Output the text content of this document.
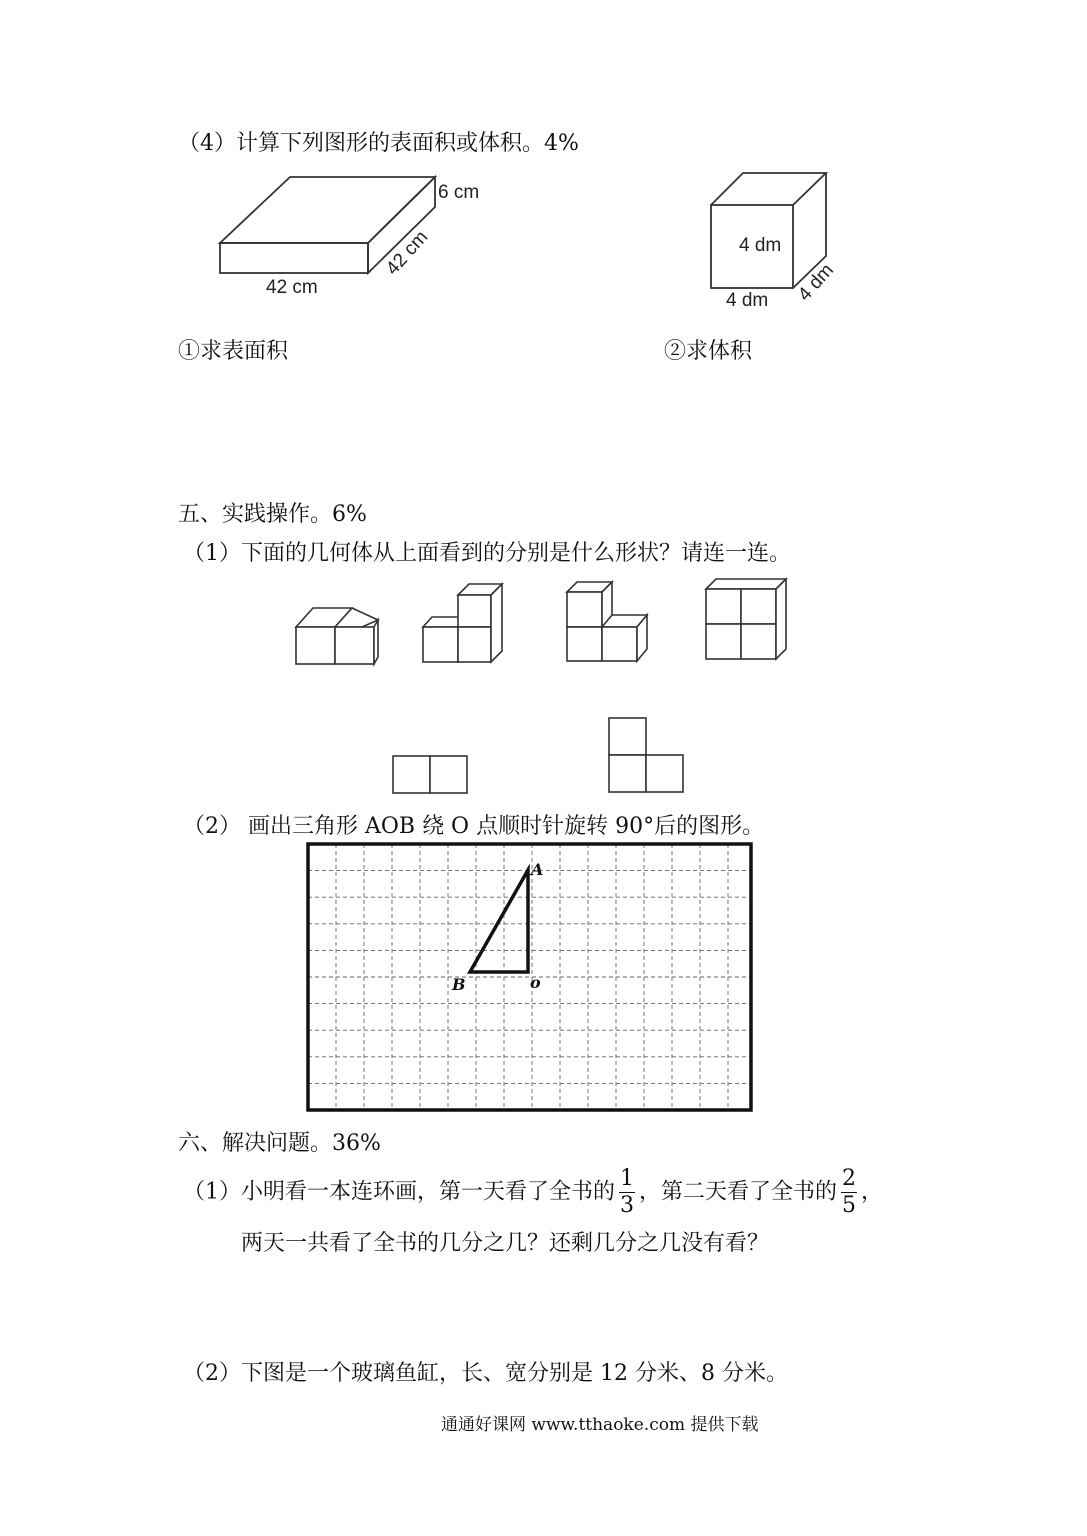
（4）计算下列图形的表面积或体积。4%
6 cm
42 cm
42 cm
4 dm
4 dm 4 dm
①求表面积	②求体积
五、实践操作。6%
（1）下面的几何体从上面看到的分别是什么形状？请连一连。
（2） 画出三角形 AOB 绕 O 点顺时针旋转 90°后的图形。
A
B	o
六、解决问题。36%
（1）小明看一本连环画，第一天看了全书的 $\frac{1}{3}$ ，第二天看了全书的 $\frac{2}{5}$ ，
两天一共看了全书的几分之几？还剩几分之几没有看？
（2）下图是一个玻璃鱼缸，长、宽分别是 12 分米、8 分米。
通通好课网 www.tthaoke.com 提供下载
